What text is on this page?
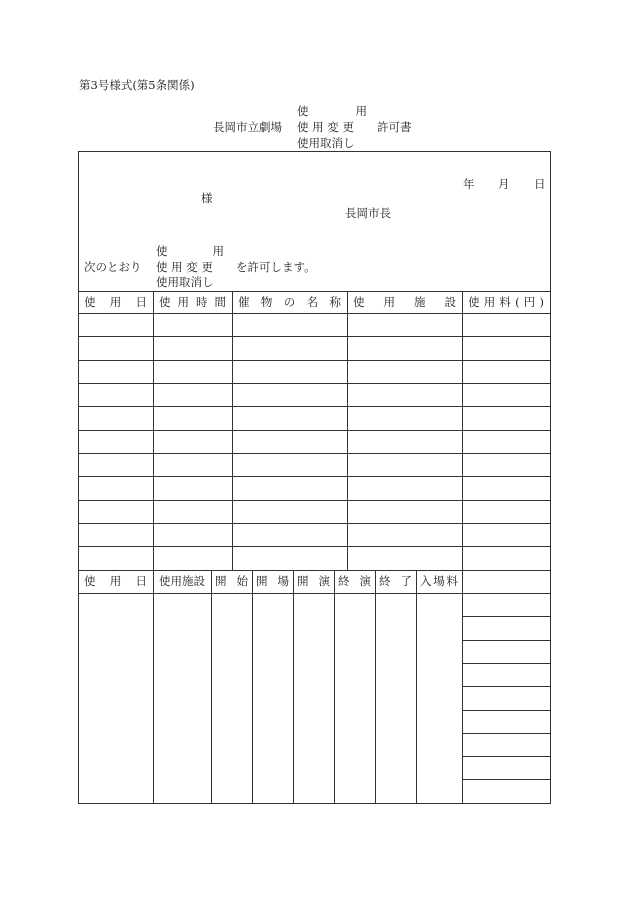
第3号様式(第5条関係)
長岡市立劇場
使	用
使 用 変 更
使用取消し
許可書
年 月 日
様
長岡市長
使	用
次のとおり 使 用 変 更
使用取消し
を許可します。
使 用 日 使 用 時 間 催 物 の 名 称 使 用 施 設 使 用 料 ( 円 )
使 用 日 使 用 施 設 開 始 開 場 開 演 終 演 終 了 入 場 料
